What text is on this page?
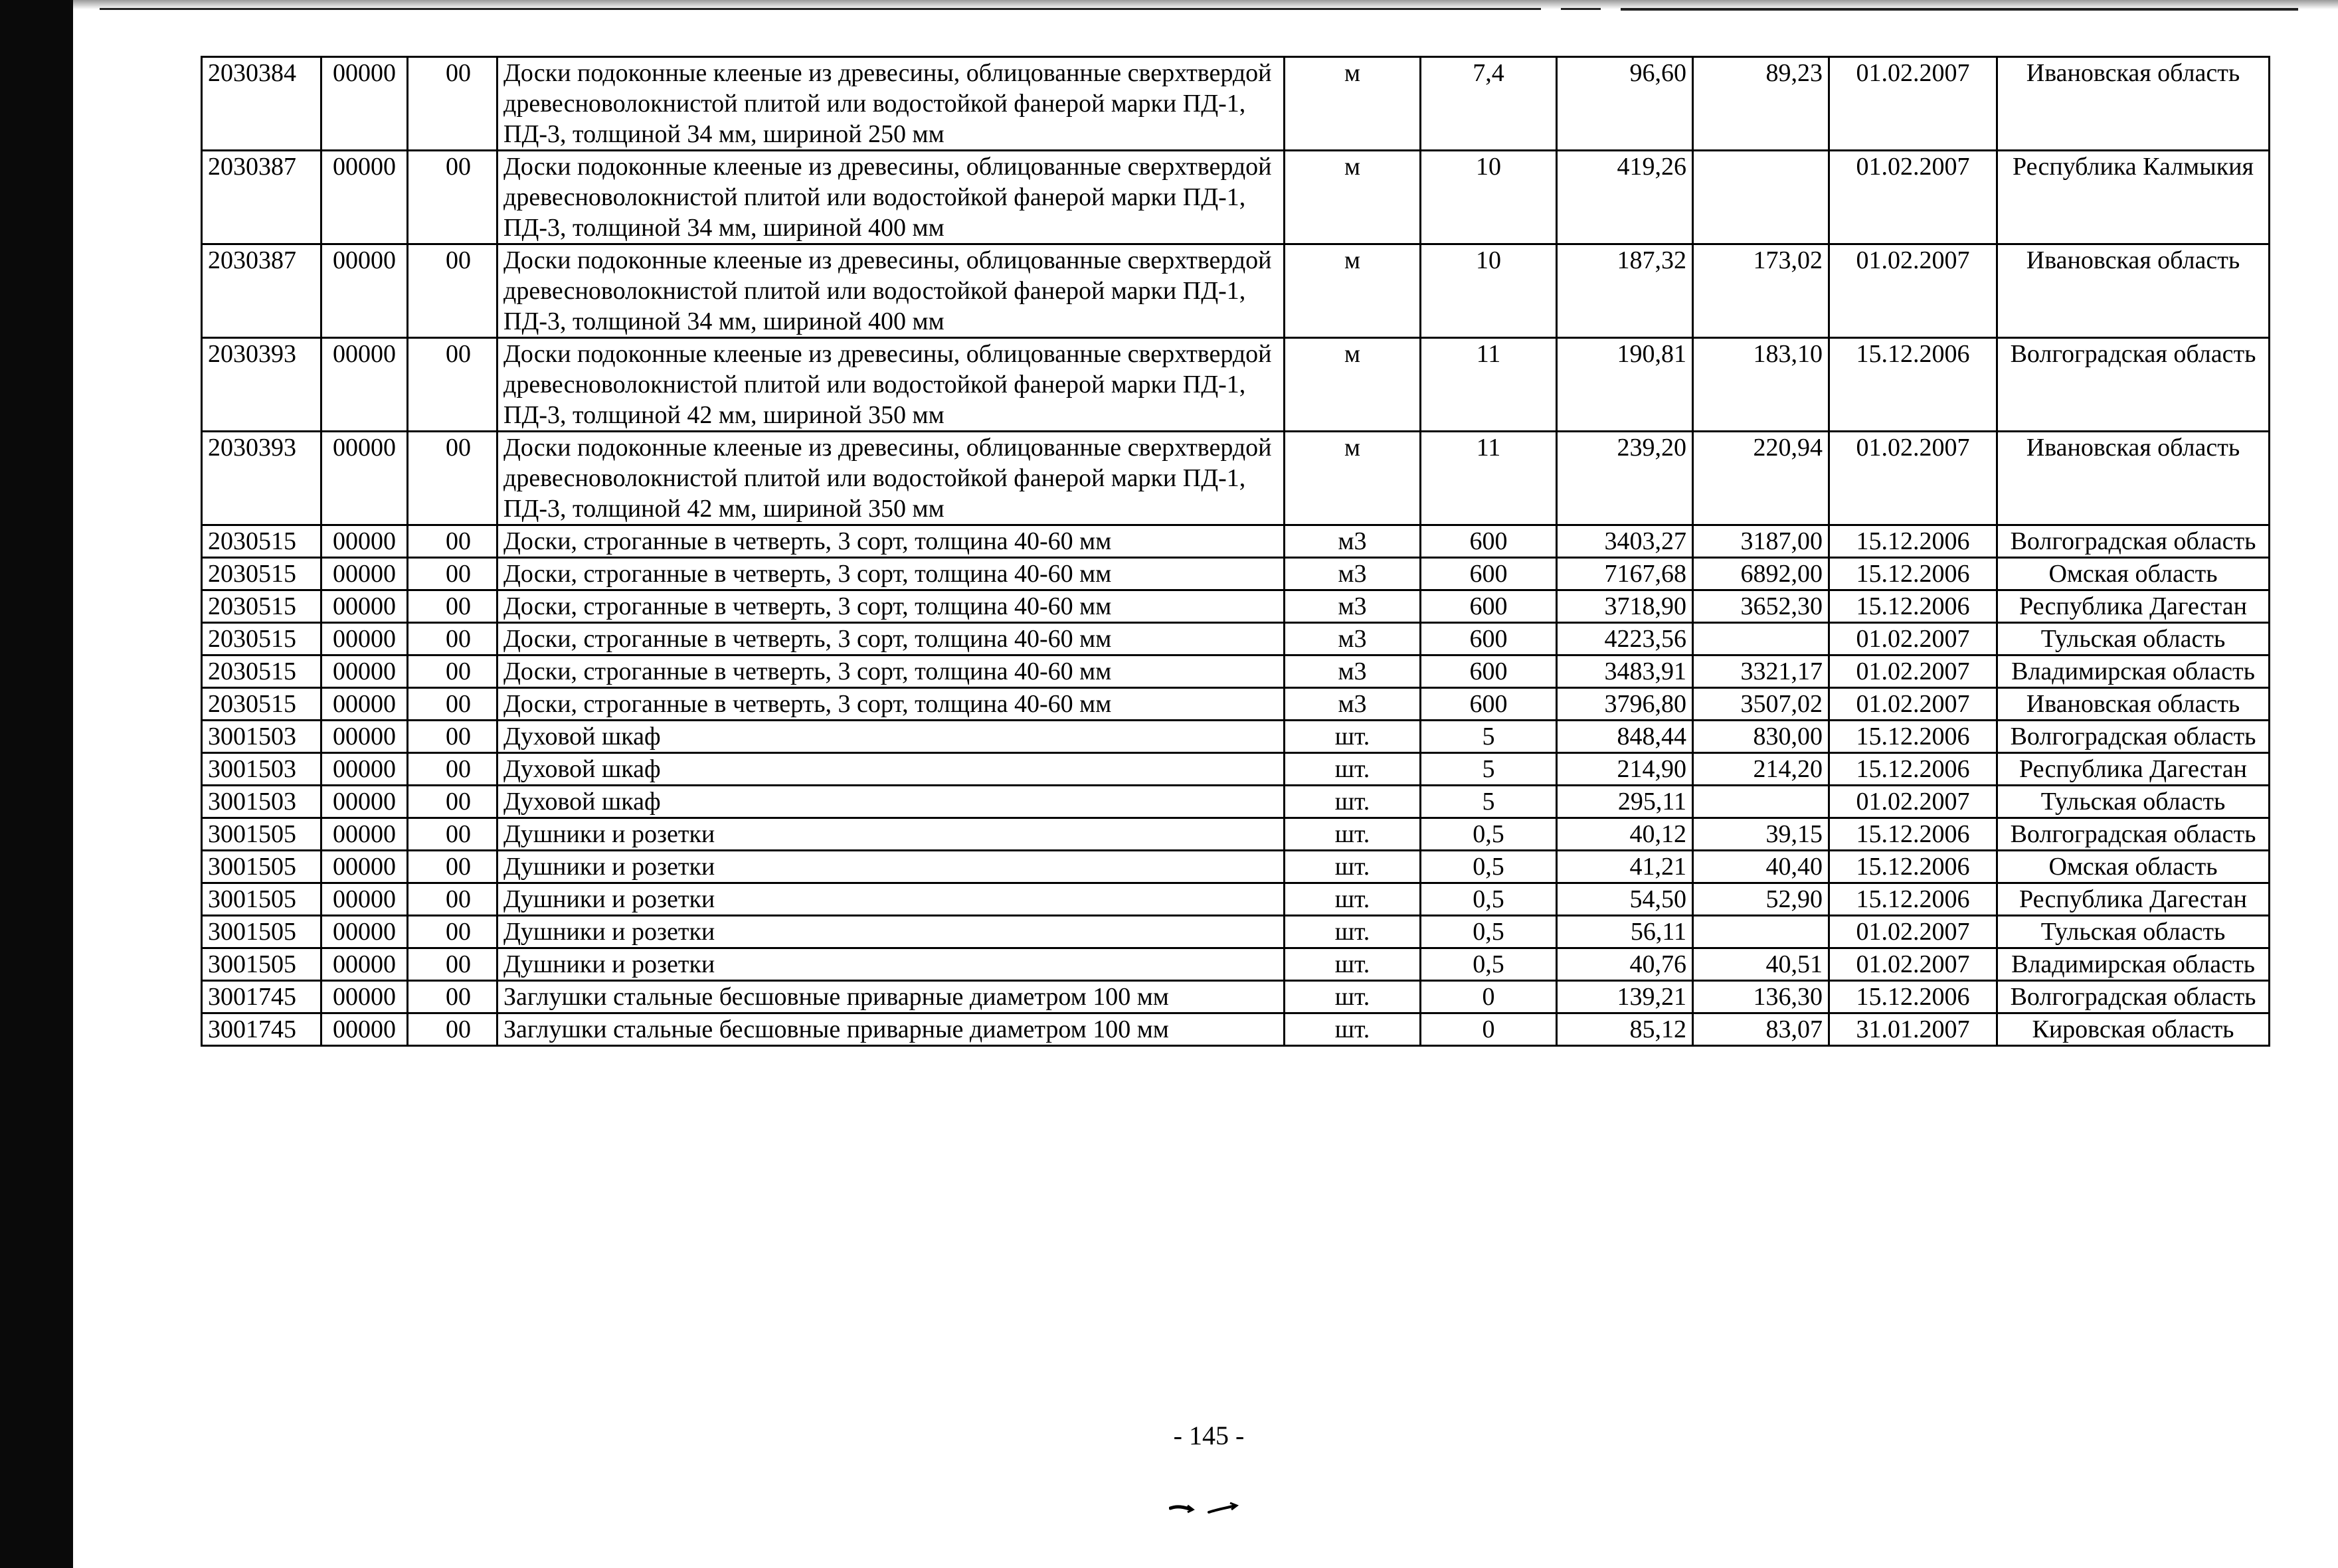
2030384	00000	00	Доски подоконные клееные из древесины, облицованные сверхтвердой древесноволокнистой плитой или водостойкой фанерой марки ПД-1, ПД-3, толщиной 34 мм, шириной 250 мм	м	7,4	96,60	89,23	01.02.2007	Ивановская область
2030387	00000	00	Доски подоконные клееные из древесины, облицованные сверхтвердой древесноволокнистой плитой или водостойкой фанерой марки ПД-1, ПД-3, толщиной 34 мм, шириной 400 мм	м	10	419,26		01.02.2007	Республика Калмыкия
2030387	00000	00	Доски подоконные клееные из древесины, облицованные сверхтвердой древесноволокнистой плитой или водостойкой фанерой марки ПД-1, ПД-3, толщиной 34 мм, шириной 400 мм	м	10	187,32	173,02	01.02.2007	Ивановская область
2030393	00000	00	Доски подоконные клееные из древесины, облицованные сверхтвердой древесноволокнистой плитой или водостойкой фанерой марки ПД-1, ПД-3, толщиной 42 мм, шириной 350 мм	м	11	190,81	183,10	15.12.2006	Волгоградская область
2030393	00000	00	Доски подоконные клееные из древесины, облицованные сверхтвердой древесноволокнистой плитой или водостойкой фанерой марки ПД-1, ПД-3, толщиной 42 мм, шириной 350 мм	м	11	239,20	220,94	01.02.2007	Ивановская область
2030515	00000	00	Доски, строганные в четверть, 3 сорт, толщина 40-60 мм	м3	600	3403,27	3187,00	15.12.2006	Волгоградская область
2030515	00000	00	Доски, строганные в четверть, 3 сорт, толщина 40-60 мм	м3	600	7167,68	6892,00	15.12.2006	Омская область
2030515	00000	00	Доски, строганные в четверть, 3 сорт, толщина 40-60 мм	м3	600	3718,90	3652,30	15.12.2006	Республика Дагестан
2030515	00000	00	Доски, строганные в четверть, 3 сорт, толщина 40-60 мм	м3	600	4223,56		01.02.2007	Тульская область
2030515	00000	00	Доски, строганные в четверть, 3 сорт, толщина 40-60 мм	м3	600	3483,91	3321,17	01.02.2007	Владимирская область
2030515	00000	00	Доски, строганные в четверть, 3 сорт, толщина 40-60 мм	м3	600	3796,80	3507,02	01.02.2007	Ивановская область
3001503	00000	00	Духовой шкаф	шт.	5	848,44	830,00	15.12.2006	Волгоградская область
3001503	00000	00	Духовой шкаф	шт.	5	214,90	214,20	15.12.2006	Республика Дагестан
3001503	00000	00	Духовой шкаф	шт.	5	295,11		01.02.2007	Тульская область
3001505	00000	00	Душники и розетки	шт.	0,5	40,12	39,15	15.12.2006	Волгоградская область
3001505	00000	00	Душники и розетки	шт.	0,5	41,21	40,40	15.12.2006	Омская область
3001505	00000	00	Душники и розетки	шт.	0,5	54,50	52,90	15.12.2006	Республика Дагестан
3001505	00000	00	Душники и розетки	шт.	0,5	56,11		01.02.2007	Тульская область
3001505	00000	00	Душники и розетки	шт.	0,5	40,76	40,51	01.02.2007	Владимирская область
3001745	00000	00	Заглушки стальные бесшовные приварные диаметром 100 мм	шт.	0	139,21	136,30	15.12.2006	Волгоградская область
3001745	00000	00	Заглушки стальные бесшовные приварные диаметром 100 мм	шт.	0	85,12	83,07	31.01.2007	Кировская область
- 145 -
